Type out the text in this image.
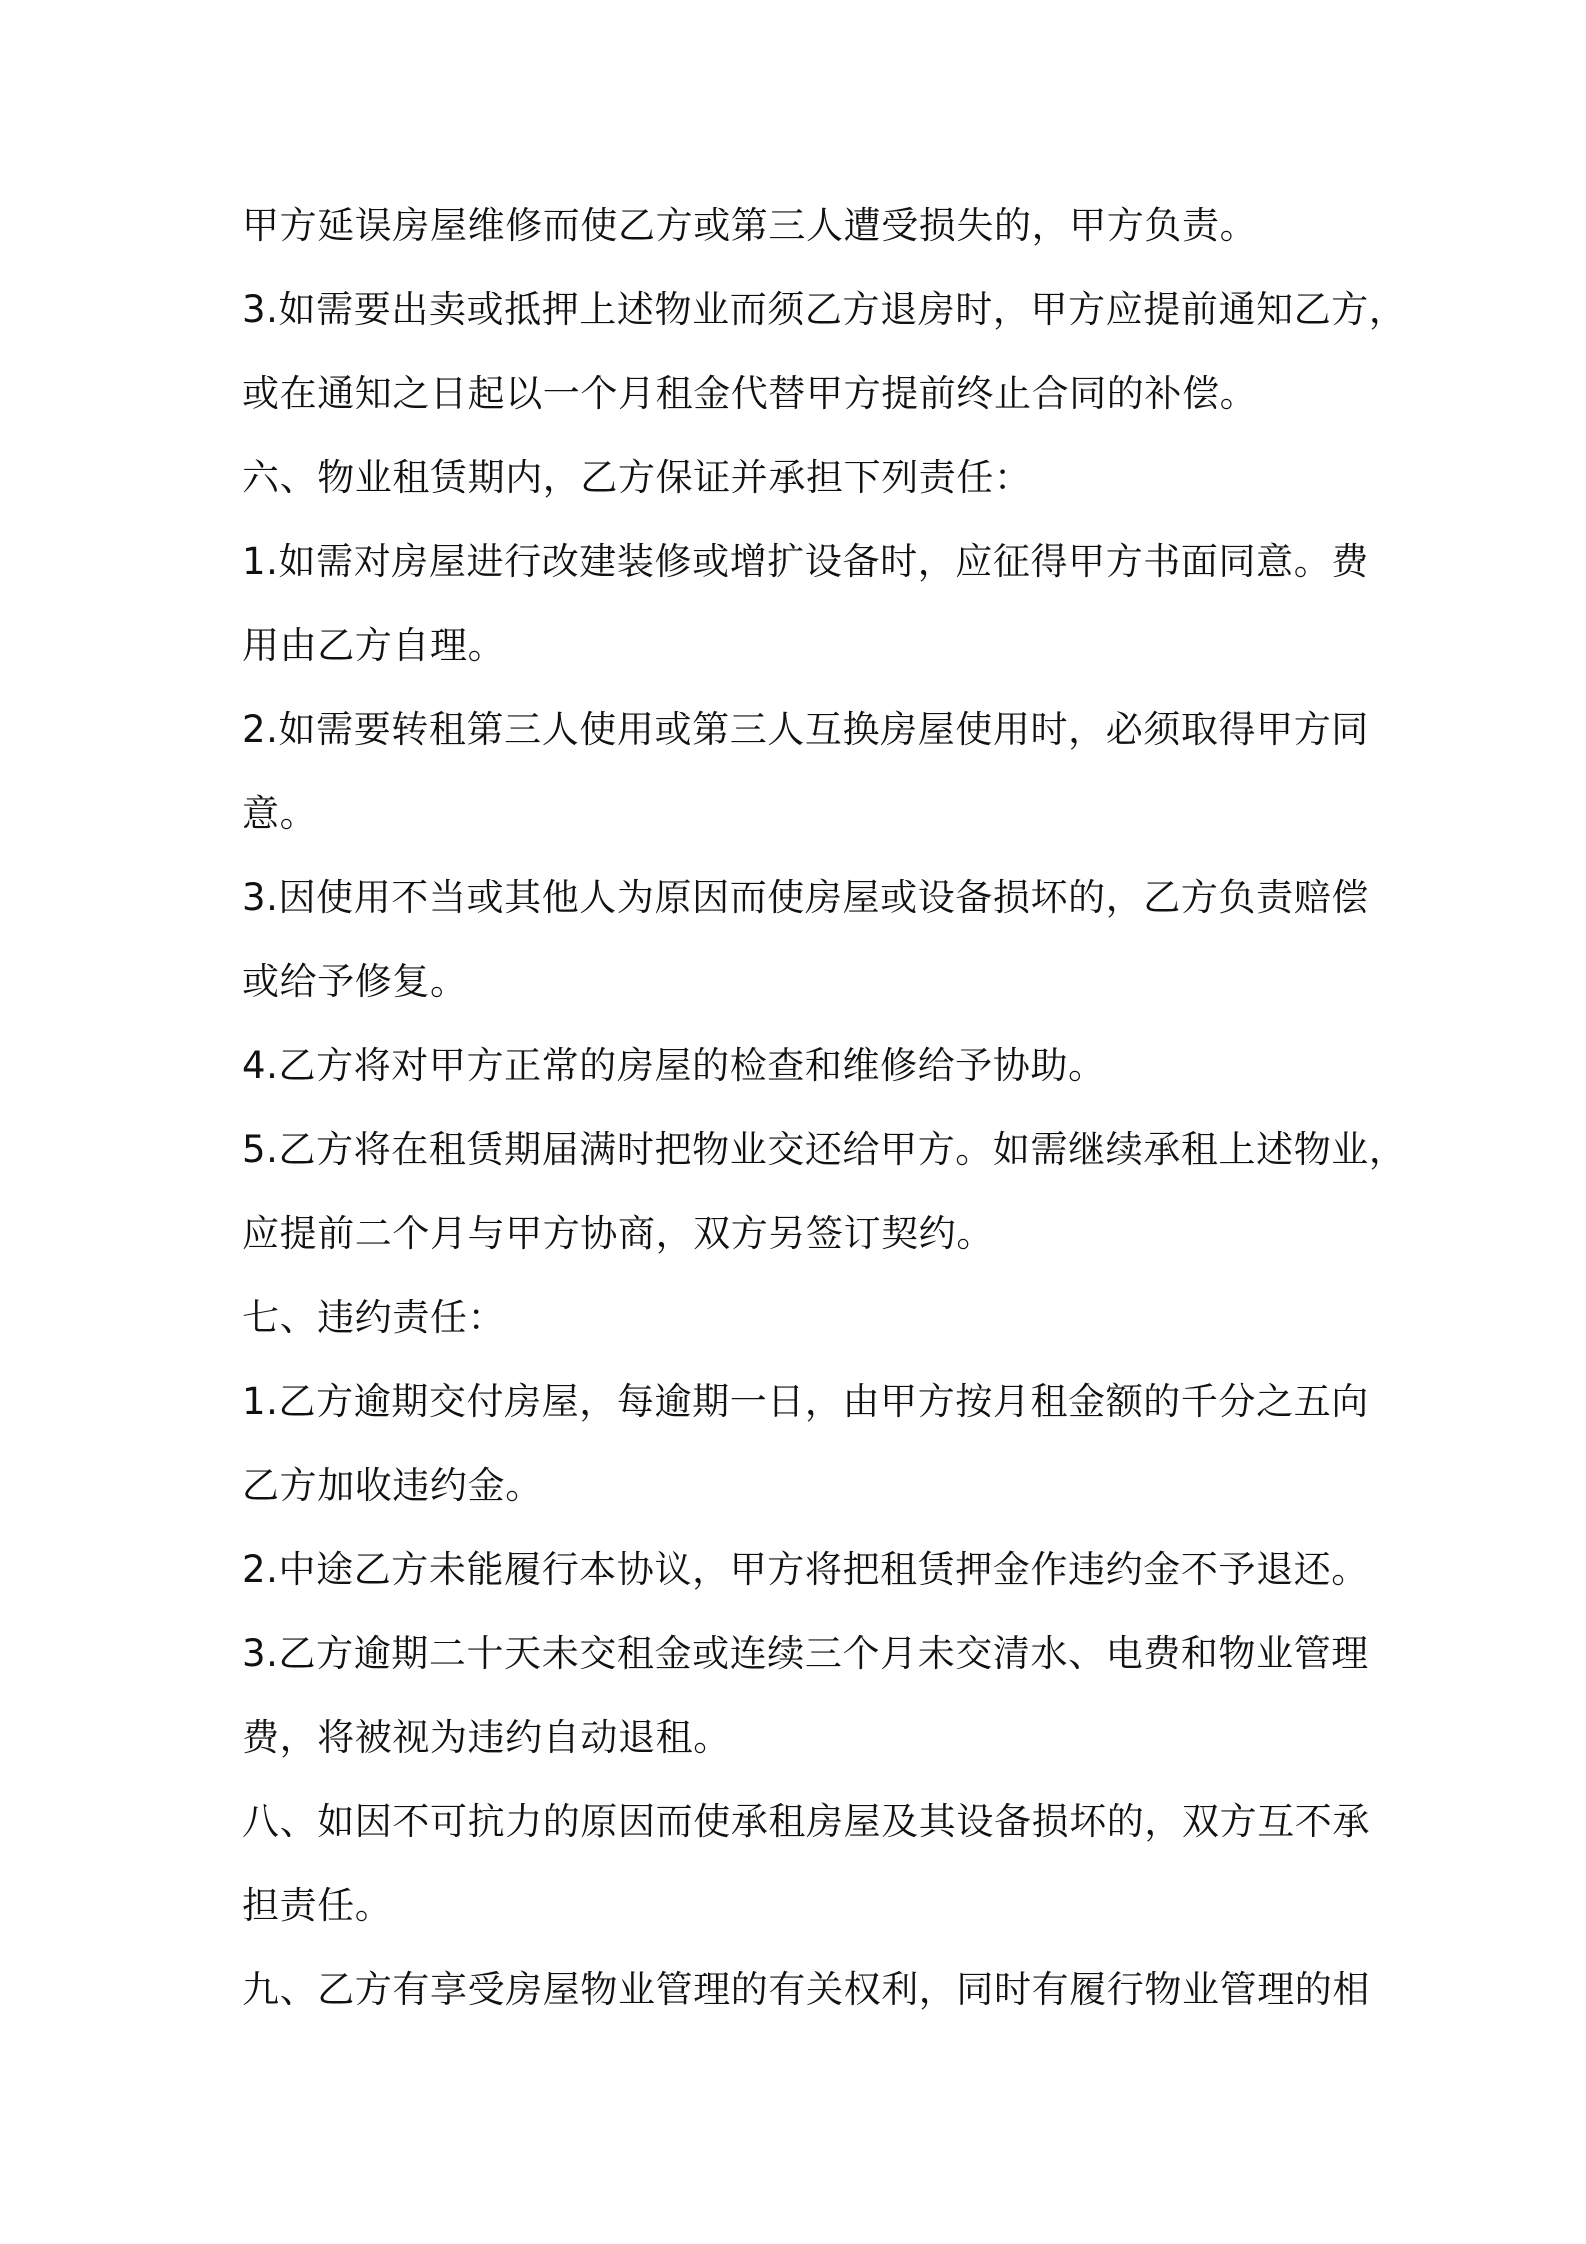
甲方延误房屋维修而使乙方或第三人遭受损失的，甲方负责。
3.如需要出卖或抵押上述物业而须乙方退房时，甲方应提前通知乙方，
或在通知之日起以一个月租金代替甲方提前终止合同的补偿。
六、物业租赁期内，乙方保证并承担下列责任：
1.如需对房屋进行改建装修或增扩设备时，应征得甲方书面同意。费
用由乙方自理。
2.如需要转租第三人使用或第三人互换房屋使用时，必须取得甲方同
意。
3.因使用不当或其他人为原因而使房屋或设备损坏的，乙方负责赔偿
或给予修复。
4.乙方将对甲方正常的房屋的检查和维修给予协助。
5.乙方将在租赁期届满时把物业交还给甲方。如需继续承租上述物业，
应提前二个月与甲方协商，双方另签订契约。
七、违约责任：
1.乙方逾期交付房屋，每逾期一日，由甲方按月租金额的千分之五向
乙方加收违约金。
2.中途乙方未能履行本协议，甲方将把租赁押金作违约金不予退还。
3.乙方逾期二十天未交租金或连续三个月未交清水、电费和物业管理
费，将被视为违约自动退租。
八、如因不可抗力的原因而使承租房屋及其设备损坏的，双方互不承
担责任。
九、乙方有享受房屋物业管理的有关权利，同时有履行物业管理的相
